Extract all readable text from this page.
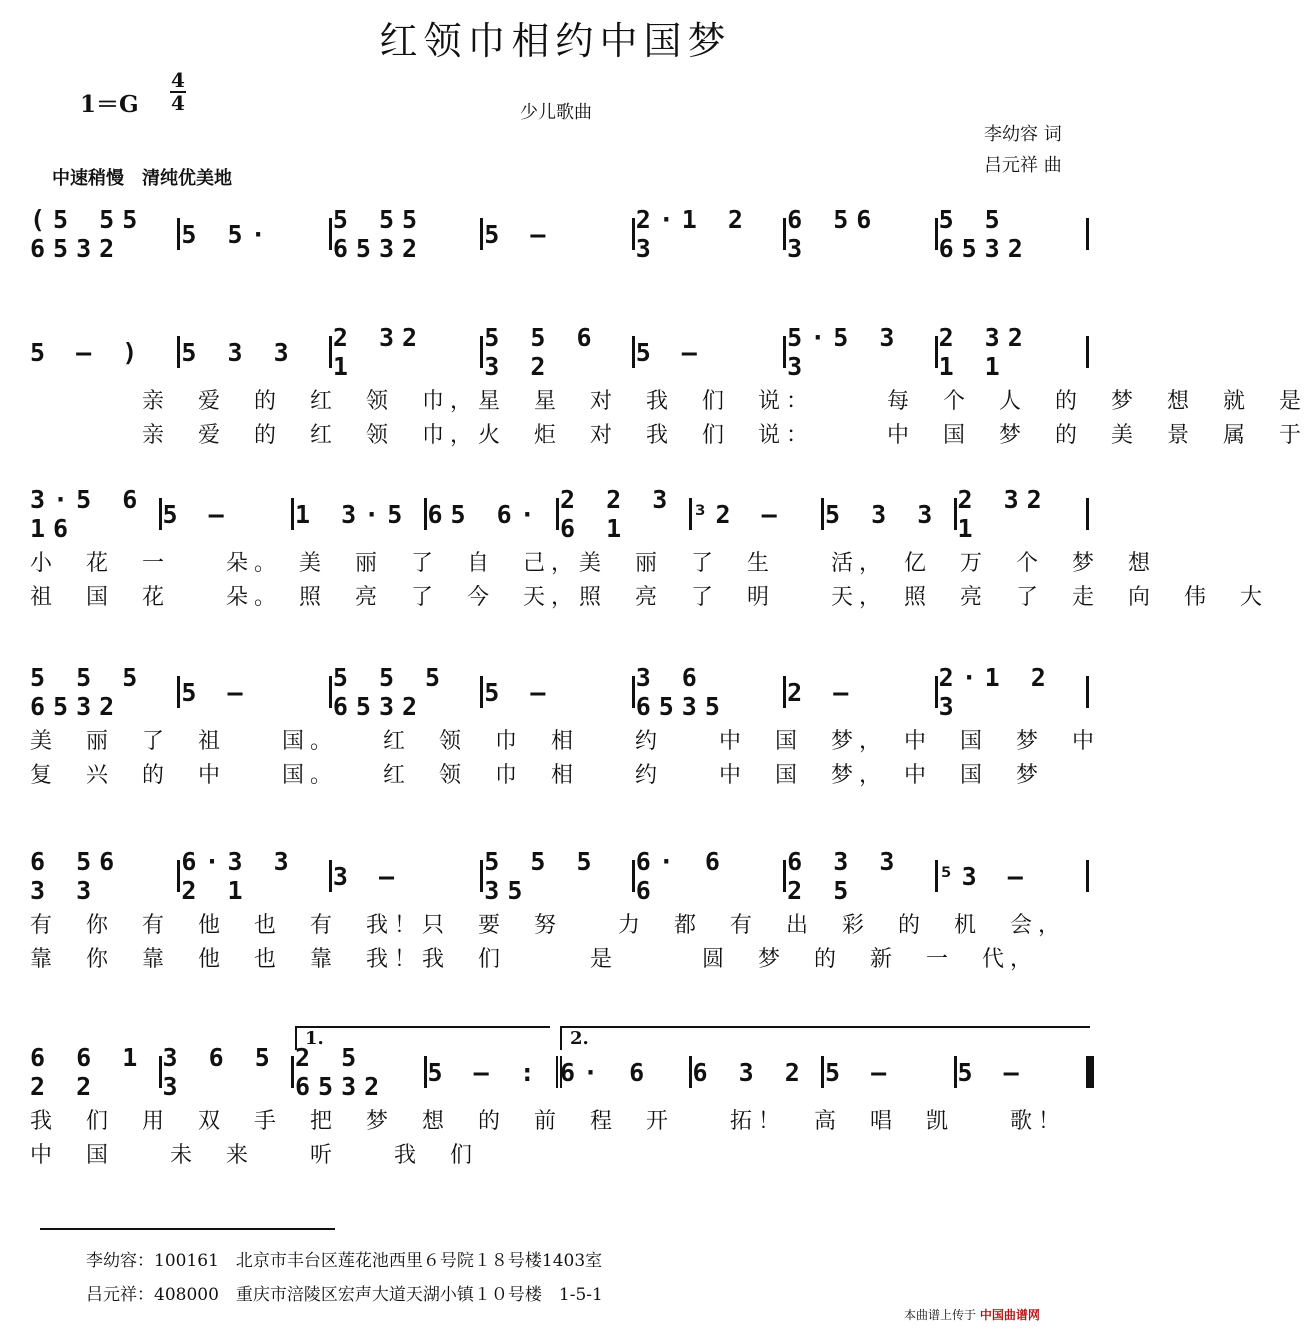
红领巾相约中国梦
1＝G
4
4	少儿歌曲
李幼容 词
吕元祥 曲
中速稍慢　清纯优美地
(5 55 6532	5 5· 5 55 6532	5 –	2·1 2 3
6 56 3
5 5 6532
5 – ) 5 3 3 2 32 1
5 5 6 3 2	5 –	5·5 3 3
2 32 1 1
　　　　亲　爱　的　红　领　巾，星　星　对　我　们　说：　　　每　个　人　的　梦　想　就　是
　　　　亲　爱　的　红　领　巾，火　炬　对　我　们　说：　　　中　国　梦　的　美　景　属　于
3·5 6 16	5 –	1 3·5 65 6· 2 2 3 6 1	³2 – 5 3 3 2 32 1
小　花　一　　朵。　美　丽　了　自　己，美　丽　了　生　　活，　亿　万　个　梦　想
祖　国　花　　朵。　照　亮　了　今　天，照　亮　了　明　　天，　照　亮　了　走　向　伟　大
5 5 5 6532	5 –	5 5 5 6532	5 –	3 6 6535	2 –	2·1 2 3
美　丽　了　祖　　国。　　红　领　巾　相　　约　　中　国　梦，　中　国　梦　中
复　兴　的　中　　国。　　红　领　巾　相　　约　　中　国　梦，　中　国　梦
6 56 3 3
6·3 3 2 1	3 –	5 5 5 35
6· 6 6
6 3 3 2 5	⁵3 –
有　你　有　他　也　有　我！只　要　努　　力　都　有　出　彩　的　机　会，
靠　你　靠　他　也　靠　我！我　们　　　是　　　圆　梦　的　新　一　代，
6 6 1 2 2
3 6 5 3
2 5 6532	5 – : 6· 6 6 3 2 5 –	5 –
1.	2.
我　们　用　双　手　把　梦　想　的　前　程　开　　拓！　高　唱　凯　　歌！
中　国　　未　来　　听　　我　们
李幼容：100161　北京市丰台区莲花池西里６号院１８号楼1403室
吕元祥：408000　重庆市涪陵区宏声大道天湖小镇１０号楼　1-5-1
本曲谱上传于 中国曲谱网
